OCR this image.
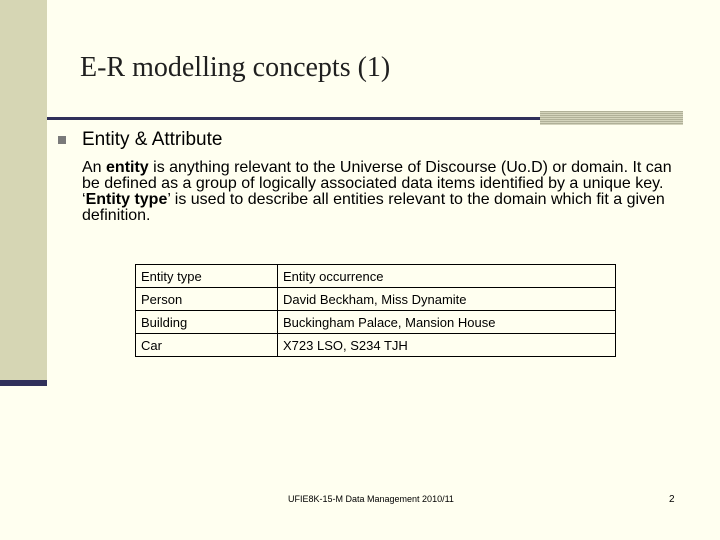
E-R modelling concepts (1)
Entity & Attribute
An entity is anything relevant to the Universe of Discourse (Uo.D) or domain. It can be defined as a group of logically associated data items identified by a unique key. ‘Entity type’ is used to describe all entities relevant to the domain which fit a given definition.
Entity type	Entity occurrence
Person	David Beckham, Miss Dynamite
Building	Buckingham Palace, Mansion House
Car	X723 LSO, S234 TJH
UFIE8K-15-M Data Management 2010/11	2
